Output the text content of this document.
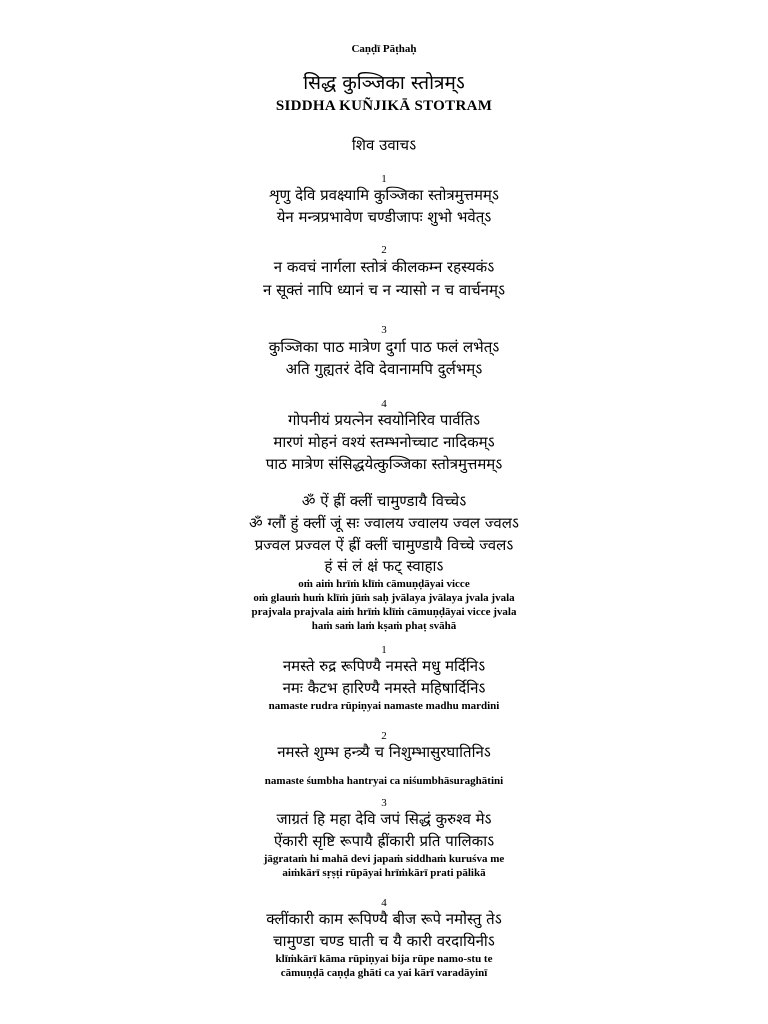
Caṇḍī Pāṭhaḥ
सिद्ध कुञ्जिका स्तोत्रम्ऽ
SIDDHA KUÑJIKĀ STOTRAM
शिव उवाचऽ
1
शृणु देवि प्रवक्ष्यामि कुञ्जिका स्तोत्रमुत्तमम्ऽ
येन मन्त्रप्रभावेण चण्डीजापः शुभो भवेत्ऽ
2
न कवचं नार्गला स्तोत्रं कीलकम्न रहस्यकंऽ
न सूक्तं नापि ध्यानं च न न्यासो न च वार्चनम्ऽ
3
कुञ्जिका पाठ मात्रेण दुर्गा पाठ फलं लभेत्ऽ
अति गुह्यतरं देवि देवानामपि दुर्लभम्ऽ
4
गोपनीयं प्रयत्नेन स्वयोनिरिव पार्वतिऽ
मारणं मोहनं वश्यं स्तम्भनोच्चाट नादिकम्ऽ
पाठ मात्रेण संसिद्धयेत्कुञ्जिका स्तोत्रमुत्तमम्ऽ
ॐ ऐं ह्रीं क्लीं चामुण्डायै विच्चेऽ
ॐ ग्लौं हुं क्लीं जूं सः ज्वालय ज्वालय ज्वल ज्वलऽ
प्रज्वल प्रज्वल ऐं ह्रीं क्लीं चामुण्डायै विच्चे ज्वलऽ
हं सं लं क्षं फट् स्वाहाऽ
oṁ aiṁ hrīṁ klīṁ cāmuṇḍāyai vicce
oṁ glauṁ huṁ klīṁ jūṁ saḥ jvālaya jvālaya jvala jvala
prajvala prajvala aiṁ hrīṁ klīṁ cāmuṇḍāyai vicce jvala
haṁ saṁ laṁ kṣaṁ phaṭ svāhā
1
नमस्ते रुद्र रूपिण्यै नमस्ते मधु मर्दिनिऽ
नमः कैटभ हारिण्यै नमस्ते महिषार्दिनिऽ
namaste rudra rūpiṇyai namaste madhu mardini
2
नमस्ते शुम्भ हन्त्र्यै च निशुम्भासुरघातिनिऽ
namaste śumbha hantryai ca niśumbhāsuraghātini
3
जाग्रतं हि महा देवि जपं सिद्धं कुरुश्व मेऽ
ऐंकारी सृष्टि रूपायै ह्रींकारी प्रति पालिकाऽ
jāgrataṁ hi mahā devi japaṁ siddhaṁ kuruśva me
aiṁkārī sṛṣṭi rūpāyai hrīṁkārī prati pālikā
4
क्लींकारी काम रूपिण्यै बीज रूपे नमो॓स्तु तेऽ
चामुण्डा चण्ड घाती च यै कारी वरदायिनीऽ
klīṁkārī kāma rūpiṇyai bija rūpe namo-stu te
cāmuṇḍā caṇḍa ghāti ca yai kārī varadāyinī
